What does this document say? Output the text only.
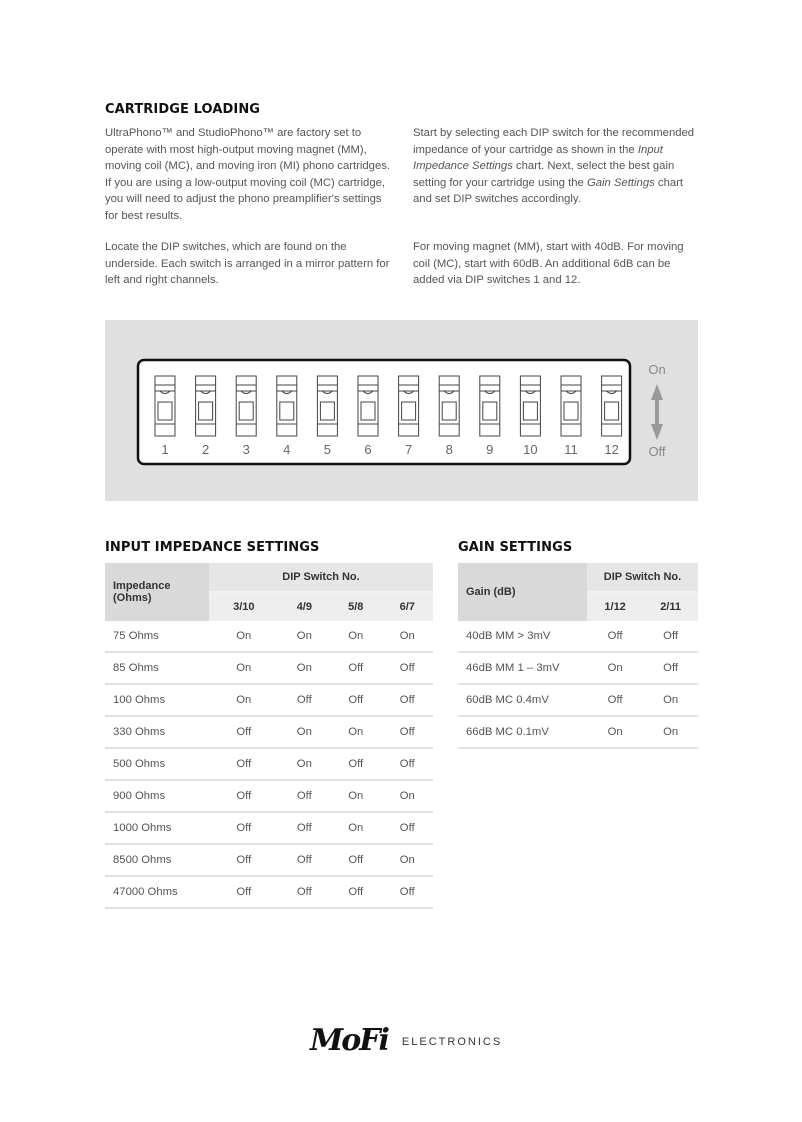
CARTRIDGE LOADING
UltraPhono™ and StudioPhono™ are factory set to operate with most high-output moving magnet (MM), moving coil (MC), and moving iron (MI) phono cartridges. If you are using a low-output moving coil (MC) cartridge, you will need to adjust the phono preamplifier's settings for best results.
Locate the DIP switches, which are found on the underside. Each switch is arranged in a mirror pattern for left and right channels.
Start by selecting each DIP switch for the recommended impedance of your cartridge as shown in the Input Impedance Settings chart. Next, select the best gain setting for your cartridge using the Gain Settings chart and set DIP switches accordingly.
For moving magnet (MM), start with 40dB. For moving coil (MC), start with 60dB. An additional 6dB can be added via DIP switches 1 and 12.
1	2	3	4	5	6	7	8	9 10 11 12
On
Off
INPUT IMPEDANCE SETTINGS
Impedance (Ohms)	DIP Switch No.			
	3/10	4/9	5/8	6/7
75 Ohms	On	On	On	On
85 Ohms	On	On	Off	Off
100 Ohms	On	Off	Off	Off
330 Ohms	Off	On	On	Off
500 Ohms	Off	On	Off	Off
900 Ohms	Off	Off	On	On
1000 Ohms	Off	Off	On	Off
8500 Ohms	Off	Off	Off	On
47000 Ohms	Off	Off	Off	Off
GAIN SETTINGS
Gain (dB)	DIP Switch No.	
	1/12	2/11
40dB MM > 3mV	Off	Off
46dB MM 1 – 3mV	On	Off
60dB MC 0.4mV	Off	On
66dB MC 0.1mV	On	On
MoFi ELECTRONICS
